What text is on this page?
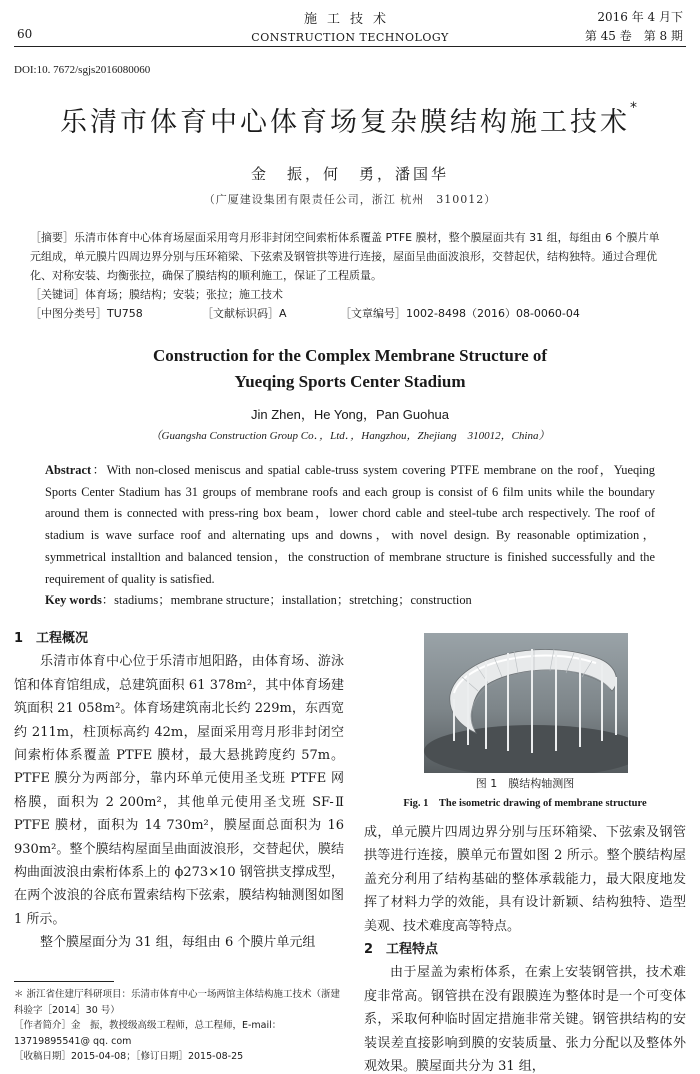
60
施工技术
CONSTRUCTION TECHNOLOGY
2016 年 4 月下
第 45 卷　第 8 期
DOI:10. 7672/sgjs2016080060
乐清市体育中心体育场复杂膜结构施工技术*
金　振，何　勇，潘国华
（广厦建设集团有限责任公司，浙江 杭州　310012）
［摘要］乐清市体育中心体育场屋面采用弯月形非封闭空间索桁体系覆盖 PTFE 膜材，整个膜屋面共有 31 组，每组由 6 个膜片单元组成，单元膜片四周边界分别与压环箱梁、下弦索及钢管拱等进行连接，屋面呈曲面波浪形，交替起伏，结构独特。通过合理优化、对称安装、均衡张拉，确保了膜结构的顺利施工，保证了工程质量。
［关键词］体育场；膜结构；安装；张拉；施工技术
［中图分类号］TU758	［文献标识码］A	［文章编号］1002-8498（2016）08-0060-04
Construction for the Complex Membrane Structure of
Yueqing Sports Center Stadium
Jin Zhen，He Yong，Pan Guohua
（Guangsha Construction Group Co．，Ltd．，Hangzhou，Zhejiang　310012，China）
Abstract：With non-closed meniscus and spatial cable-truss system covering PTFE membrane on the roof，Yueqing Sports Center Stadium has 31 groups of membrane roofs and each group is consist of 6 film units while the boundary around them is connected with press-ring box beam，lower chord cable and steel-tube arch respectively. The roof of stadium is wave surface roof and alternating ups and downs，with novel design. By reasonable optimization，symmetrical installtion and balanced tension，the construction of membrane structure is finished successfully and the requirement of quality is satisfied.
Key words：stadiums；membrane structure；installation；stretching；construction
1　工程概况

乐清市体育中心位于乐清市旭阳路，由体育场、游泳馆和体育馆组成，总建筑面积 61 378m²，其中体育场建筑面积 21 058m²。体育场建筑南北长约 229m，东西宽约 211m，柱顶标高约 42m，屋面采用弯月形非封闭空间索桁体系覆盖 PTFE 膜材，最大悬挑跨度约 57m。PTFE 膜分为两部分，靠内环单元使用圣戈班 PTFE 网格膜，面积为 2 200m²，其他单元使用圣戈班 SF-Ⅱ PTFE 膜材，面积为 14 730m²，膜屋面总面积为 16 930m²。整个膜结构屋面呈曲面波浪形，交替起伏，膜结构曲面波浪由索桁体系上的 ϕ273×10 钢管拱支撑成型，在两个波浪的谷底布置索结构下弦索，膜结构轴测图如图 1 所示。

整个膜屋面分为 31 组，每组由 6 个膜片单元组

图 1　膜结构轴测图
Fig. 1　The isometric drawing of membrane structure

成，单元膜片四周边界分别与压环箱梁、下弦索及钢管拱等进行连接，膜单元布置如图 2 所示。整个膜结构屋盖充分利用了结构基础的整体承载能力，最大限度地发挥了材料力学的效能，具有设计新颖、结构独特、造型美观、技术难度高等特点。

2　工程特点

由于屋盖为索桁体系，在索上安装钢管拱，技术难度非常高。钢管拱在没有跟膜连为整体时是一个可变体系，采取何种临时固定措施非常关键。钢管拱结构的安装误差直接影响到膜的安装质量、张力分配以及整体外观效果。膜屋面共分为 31 组，

＊ 浙江省住建厅科研项目：乐清市体育中心一场两馆主体结构施工技术（浙建科验字［2014］30 号）
［作者简介］金　振，教授级高级工程师，总工程师，E-mail：13719895541@ qq. com
［收稿日期］2015-04-08；［修订日期］2015-08-25
